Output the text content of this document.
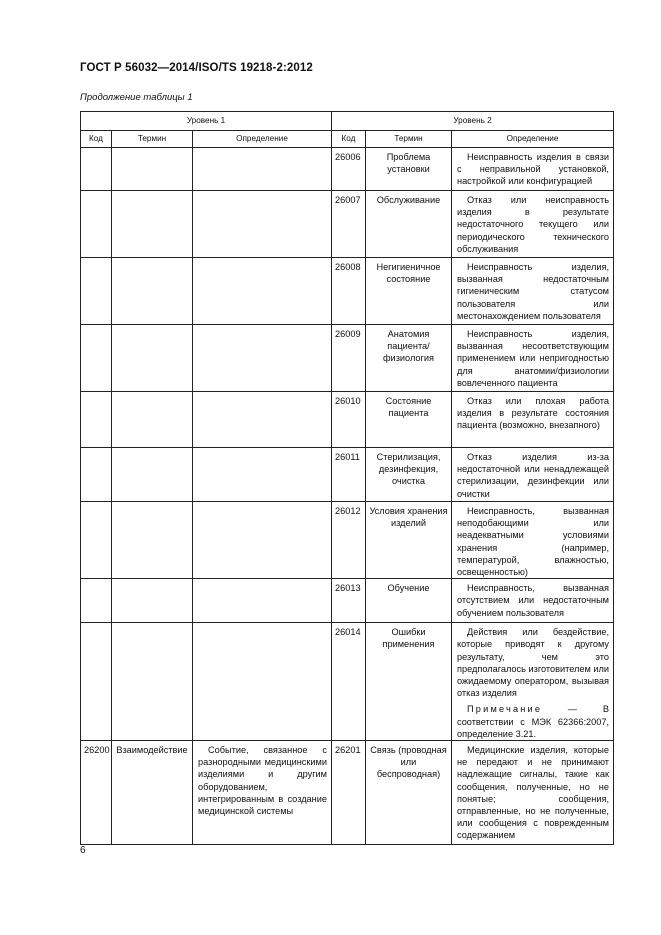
ГОСТ Р 56032—2014/ISO/TS 19218-2:2012
Продолжение таблицы 1
Уровень 1			Уровень 2		
Код	Термин	Определение	Код	Термин	Определение

			26006	Проблема установки	Неисправность изделия в связи с неправильной установкой, настройкой или конфигурацией

			26007	Обслуживание	Отказ или неисправность изделия в результате недостаточного текущего или периодического технического обслуживания

			26008	Негигиеничное состояние	Неисправность изделия, вызванная недостаточным гигиеническим статусом пользователя или местонахождением пользователя

			26009	Анатомия пациента/физиология	Неисправность изделия, вызванная несоответствующим применением или непригодностью для анатомии/физиологии вовлеченного пациента

			26010	Состояние пациента	Отказ или плохая работа изделия в результате состояния пациента (возможно, внезапного)

			26011	Стерилизация, дезинфекция, очистка	Отказ изделия из-за недостаточной или ненадлежащей стерилизации, дезинфекции или очистки

			26012	Условия хранения изделий	Неисправность, вызванная неподобающими или неадекватными условиями хранения (например, температурой, влажностью, освещенностью)

			26013	Обучение	Неисправность, вызванная отсутствием или недостаточным обучением пользователя

			26014	Ошибки применения	Действия или бездействие, которые приводят к другому результату, чем это предполагалось изготовителем или ожидаемому оператором, вызывая отказ изделия

Примечание — В соответствии с МЭК 62366:2007, определение 3.21.

26200	Взаимодействие	Событие, связанное с разнородными медицинскими изделиями и другим оборудованием, интегрированным в создание медицинской системы	26201	Связь (проводная или беспроводная)	Медицинские изделия, которые не передают и не принимают надлежащие сигналы, такие как сообщения, полученные, но не понятые; сообщения, отправленные, но не полученные, или сообщения с поврежденным содержанием

6
